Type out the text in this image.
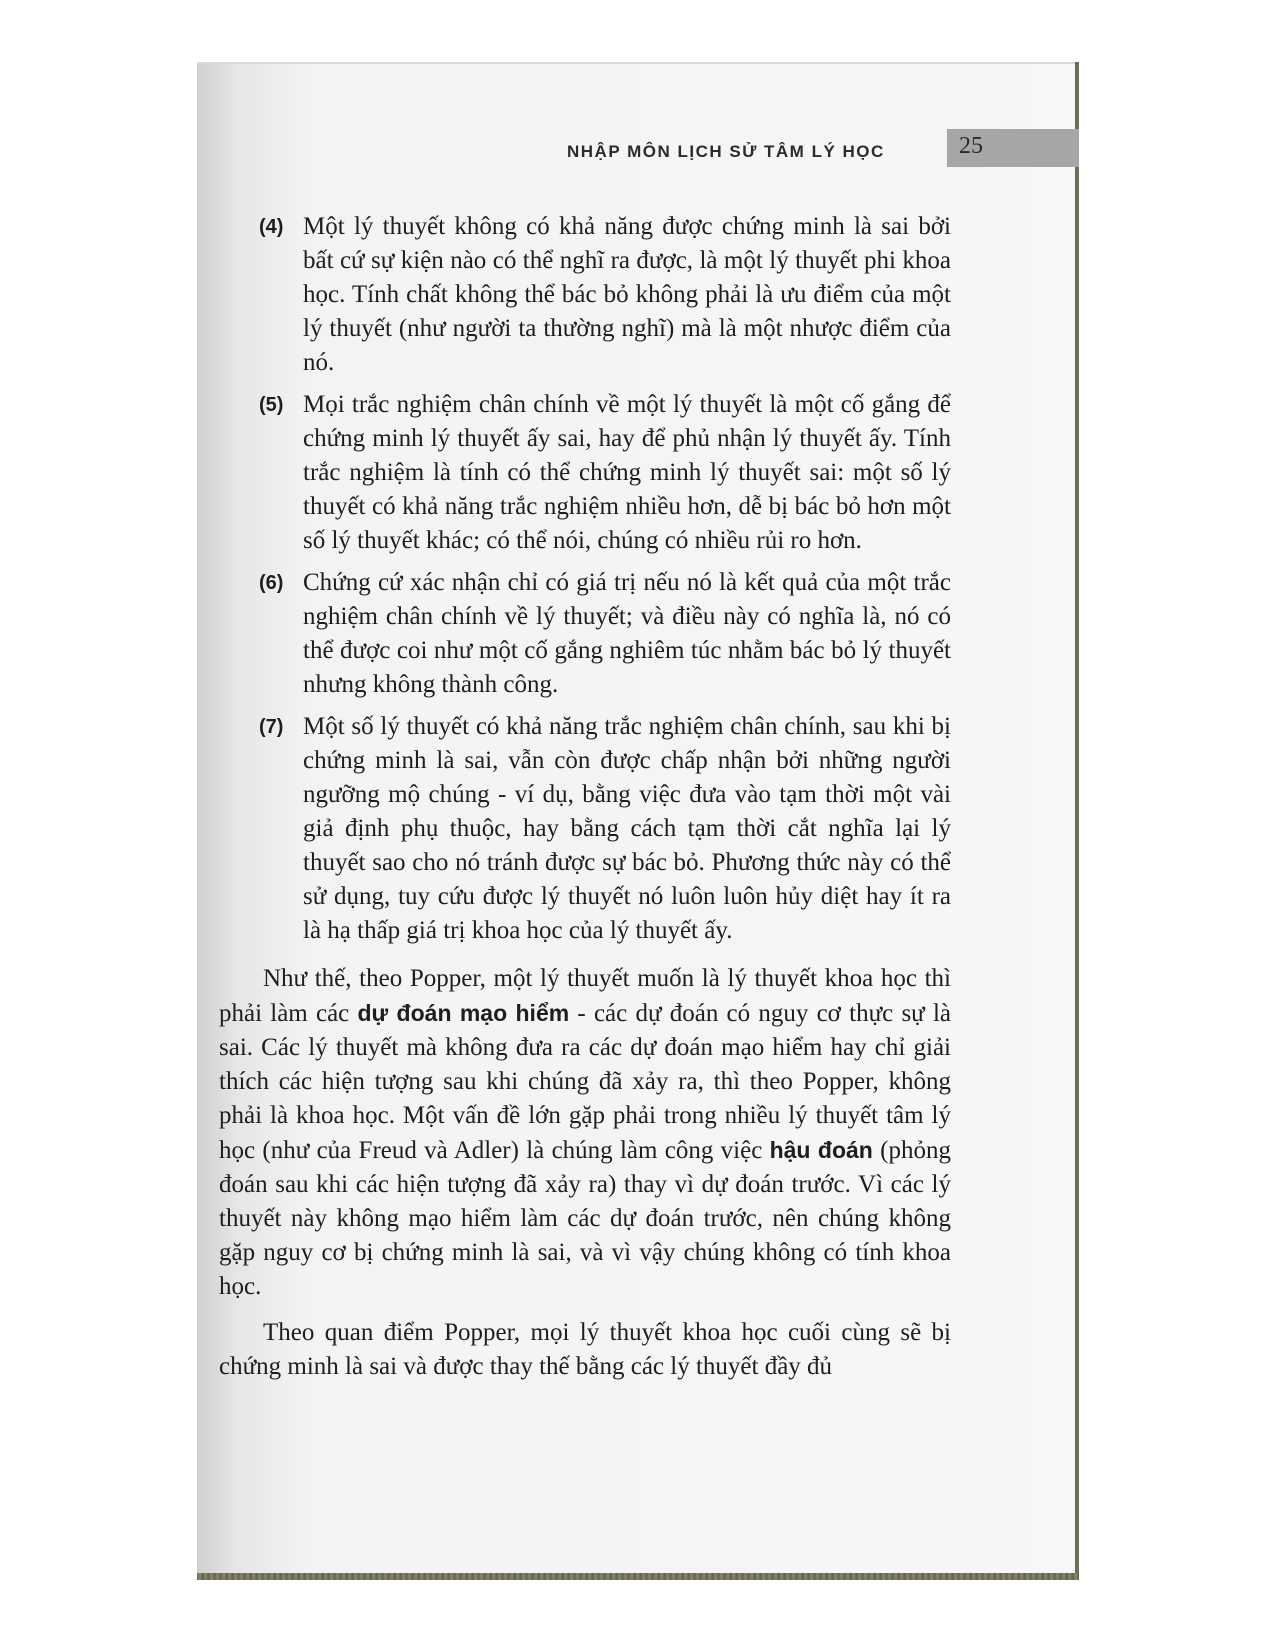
NHẬP MÔN LỊCH SỬ TÂM LÝ HỌC	25
(4) Một lý thuyết không có khả năng được chứng minh là sai bởi bất cứ sự kiện nào có thể nghĩ ra được, là một lý thuyết phi khoa học. Tính chất không thể bác bỏ không phải là ưu điểm của một lý thuyết (như người ta thường nghĩ) mà là một nhược điểm của nó.
(5) Mọi trắc nghiệm chân chính về một lý thuyết là một cố gắng để chứng minh lý thuyết ấy sai, hay để phủ nhận lý thuyết ấy. Tính trắc nghiệm là tính có thể chứng minh lý thuyết sai: một số lý thuyết có khả năng trắc nghiệm nhiều hơn, dễ bị bác bỏ hơn một số lý thuyết khác; có thể nói, chúng có nhiều rủi ro hơn.
(6) Chứng cứ xác nhận chỉ có giá trị nếu nó là kết quả của một trắc nghiệm chân chính về lý thuyết; và điều này có nghĩa là, nó có thể được coi như một cố gắng nghiêm túc nhằm bác bỏ lý thuyết nhưng không thành công.
(7) Một số lý thuyết có khả năng trắc nghiệm chân chính, sau khi bị chứng minh là sai, vẫn còn được chấp nhận bởi những người ngưỡng mộ chúng - ví dụ, bằng việc đưa vào tạm thời một vài giả định phụ thuộc, hay bằng cách tạm thời cắt nghĩa lại lý thuyết sao cho nó tránh được sự bác bỏ. Phương thức này có thể sử dụng, tuy cứu được lý thuyết nó luôn luôn hủy diệt hay ít ra là hạ thấp giá trị khoa học của lý thuyết ấy.

Như thế, theo Popper, một lý thuyết muốn là lý thuyết khoa học thì phải làm các dự đoán mạo hiểm - các dự đoán có nguy cơ thực sự là sai. Các lý thuyết mà không đưa ra các dự đoán mạo hiểm hay chỉ giải thích các hiện tượng sau khi chúng đã xảy ra, thì theo Popper, không phải là khoa học. Một vấn đề lớn gặp phải trong nhiều lý thuyết tâm lý học (như của Freud và Adler) là chúng làm công việc hậu đoán (phỏng đoán sau khi các hiện tượng đã xảy ra) thay vì dự đoán trước. Vì các lý thuyết này không mạo hiểm làm các dự đoán trước, nên chúng không gặp nguy cơ bị chứng minh là sai, và vì vậy chúng không có tính khoa học.

Theo quan điểm Popper, mọi lý thuyết khoa học cuối cùng sẽ bị chứng minh là sai và được thay thế bằng các lý thuyết đầy đủ
